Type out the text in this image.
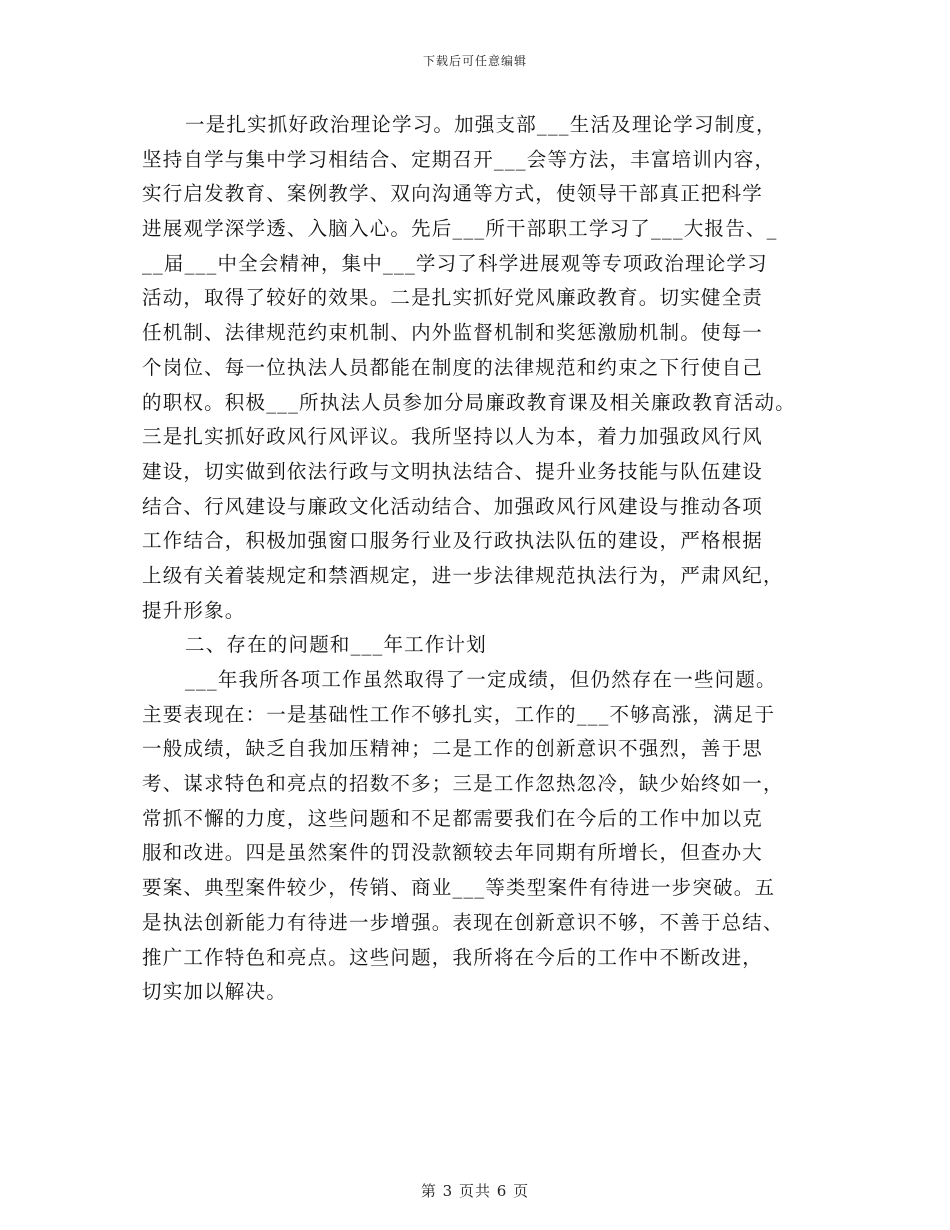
下载后可任意编辑
一是扎实抓好政治理论学习。加强支部___生活及理论学习制度，
坚持自学与集中学习相结合、定期召开___会等方法，丰富培训内容，
实行启发教育、案例教学、双向沟通等方式，使领导干部真正把科学
进展观学深学透、入脑入心。先后___所干部职工学习了___大报告、_
__届___中全会精神，集中___学习了科学进展观等专项政治理论学习
活动，取得了较好的效果。二是扎实抓好党风廉政教育。切实健全责
任机制、法律规范约束机制、内外监督机制和奖惩激励机制。使每一
个岗位、每一位执法人员都能在制度的法律规范和约束之下行使自己
的职权。积极___所执法人员参加分局廉政教育课及相关廉政教育活动。
三是扎实抓好政风行风评议。我所坚持以人为本，着力加强政风行风
建设，切实做到依法行政与文明执法结合、提升业务技能与队伍建设
结合、行风建设与廉政文化活动结合、加强政风行风建设与推动各项
工作结合，积极加强窗口服务行业及行政执法队伍的建设，严格根据
上级有关着装规定和禁酒规定，进一步法律规范执法行为，严肃风纪，
提升形象。
二、存在的问题和___年工作计划
___年我所各项工作虽然取得了一定成绩，但仍然存在一些问题。
主要表现在：一是基础性工作不够扎实，工作的___不够高涨，满足于
一般成绩，缺乏自我加压精神；二是工作的创新意识不强烈，善于思
考、谋求特色和亮点的招数不多；三是工作忽热忽冷，缺少始终如一，
常抓不懈的力度，这些问题和不足都需要我们在今后的工作中加以克
服和改进。四是虽然案件的罚没款额较去年同期有所增长，但查办大
要案、典型案件较少，传销、商业___等类型案件有待进一步突破。五
是执法创新能力有待进一步增强。表现在创新意识不够，不善于总结、
推广工作特色和亮点。这些问题，我所将在今后的工作中不断改进，
切实加以解决。
第 3 页共 6 页
